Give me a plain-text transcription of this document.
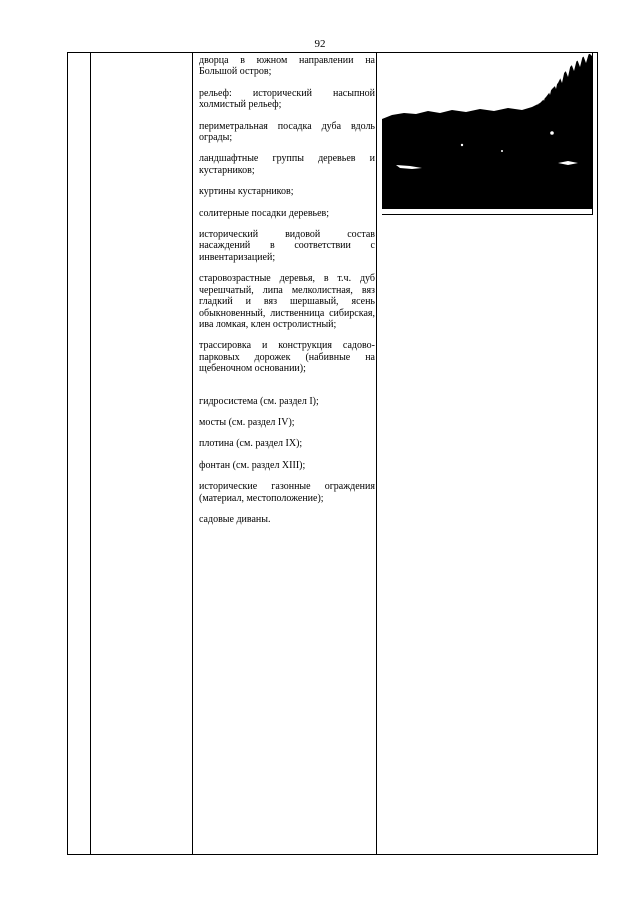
92

дворца в южном направлении на Большой остров;

рельеф: исторический насыпной холмистый рельеф;

периметральная посадка дуба вдоль ограды;

ландшафтные группы деревьев и кустарников;

куртины кустарников;

солитерные посадки деревьев;

исторический видовой состав насаждений в соответствии с инвентаризацией;

старовозрастные деревья, в т.ч. дуб черешчатый, липа мелколистная, вяз гладкий и вяз шершавый, ясень обыкновенный, лиственница сибирская, ива ломкая, клен остролистный;

трассировка и конструкция садово-парковых дорожек (набивные на щебеночном основании);

гидросистема (см. раздел I);

мосты (см. раздел IV);

плотина (см. раздел IX);

фонтан (см. раздел XIII);

исторические газонные ограждения (материал, местоположение);

садовые диваны.
